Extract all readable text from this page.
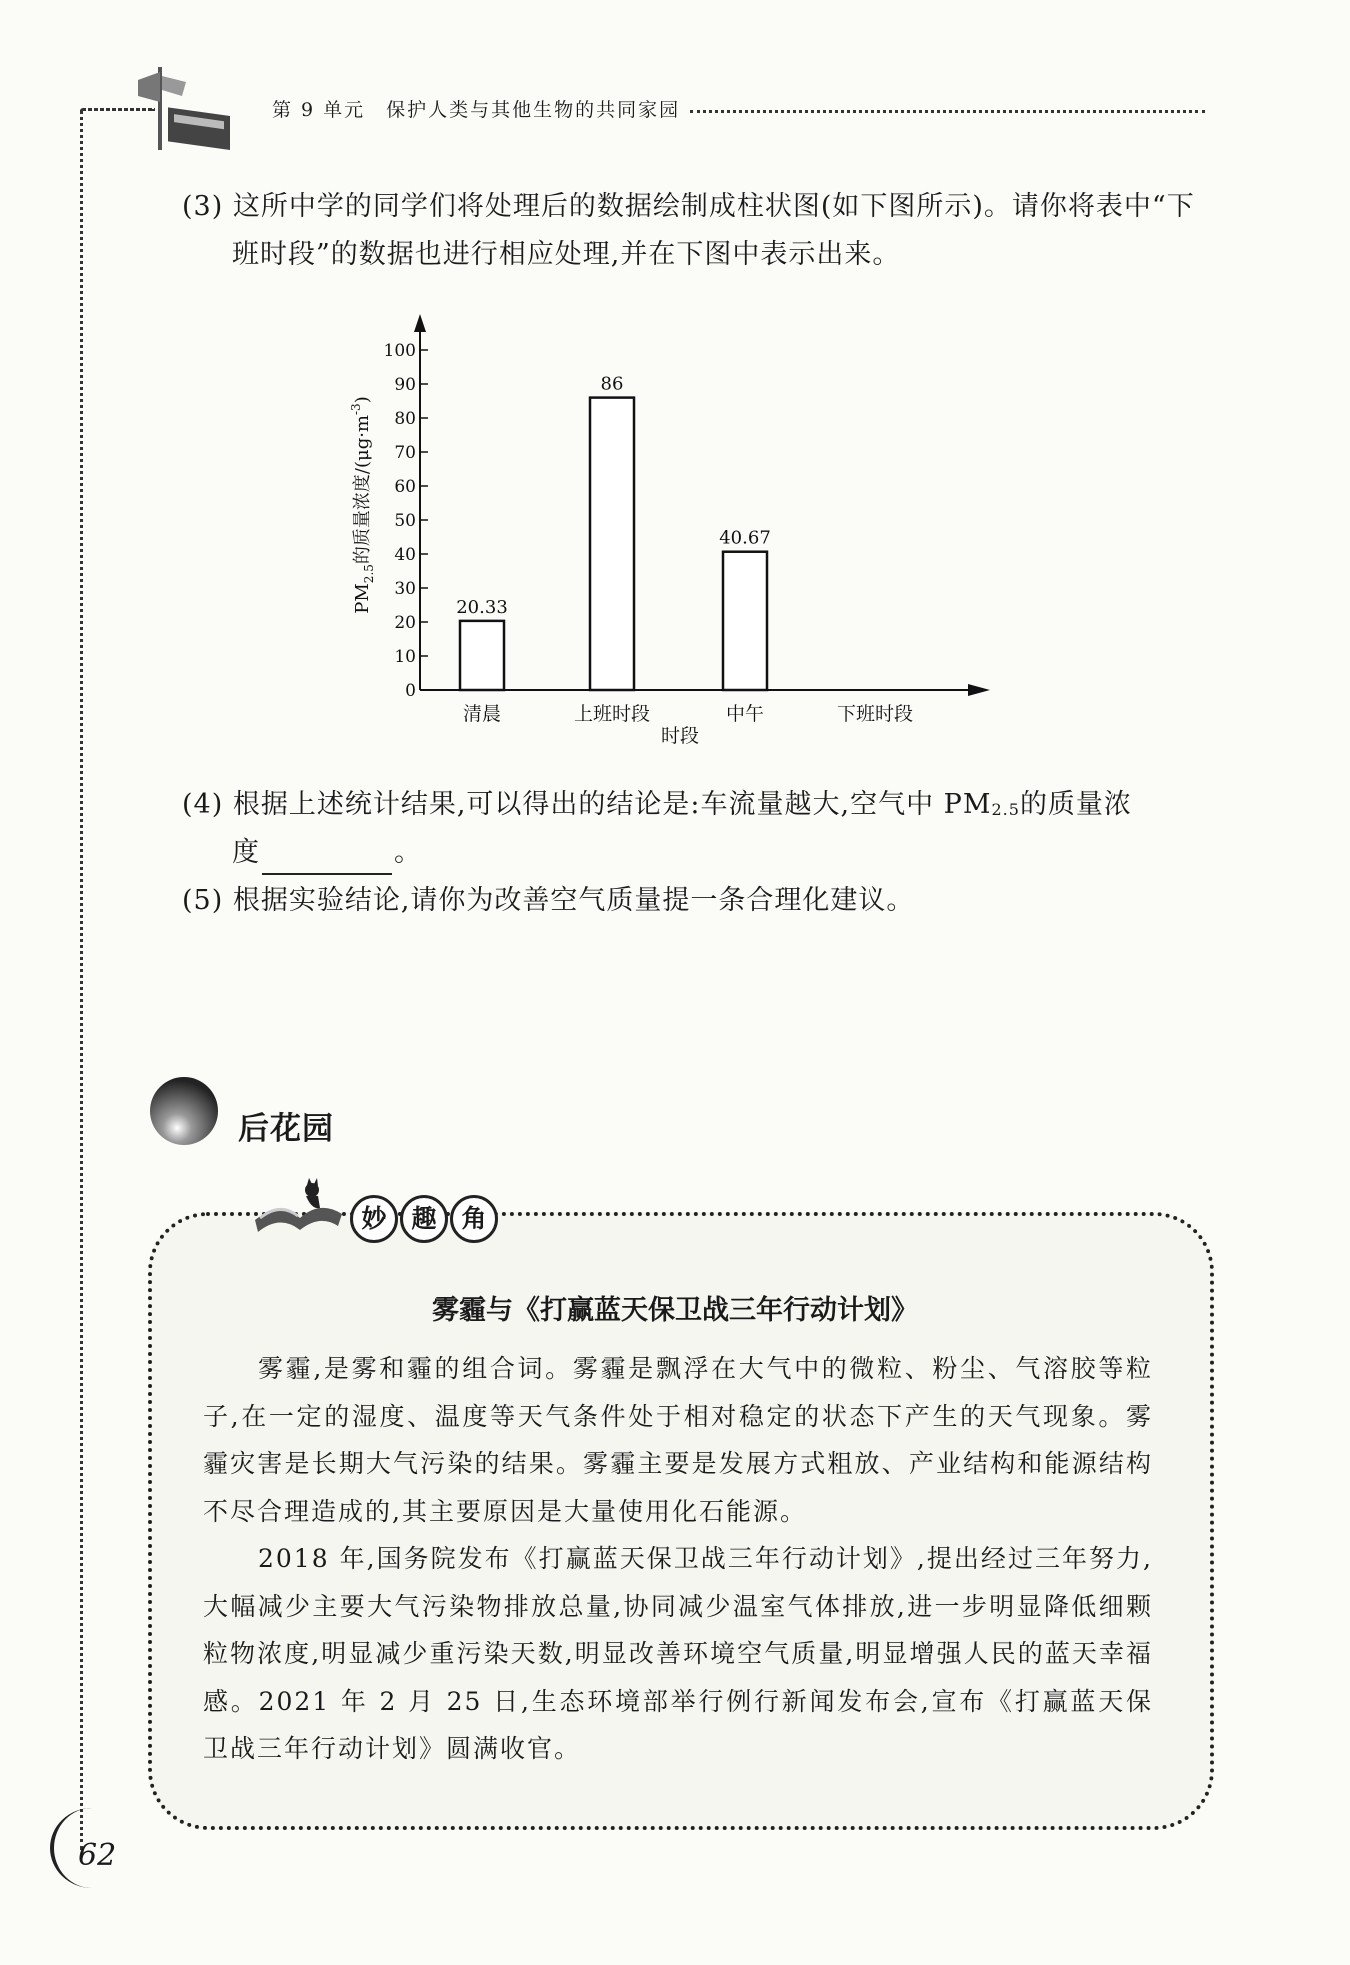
第 9 单元　保护人类与其他生物的共同家园
(3) 这所中学的同学们将处理后的数据绘制成柱状图(如下图所示)。请你将表中“下
班时段”的数据也进行相应处理,并在下图中表示出来。
$PM_{2.5}$的质量浓度$/(\mu g\cdot m^{-3})$
20.33
86
40.67
0
10
20
30
40
50
60
70
80
90
100
清晨	上班时段	中午	下班时段
时段
(4) 根据上述统计结果,可以得出的结论是:车流量越大,空气中 $PM_{2.5}$的质量浓
度	。
(5) 根据实验结论,请你为改善空气质量提一条合理化建议。
后花园
妙 趣 角
雾霾与《打赢蓝天保卫战三年行动计划》
雾霾,是雾和霾的组合词。雾霾是飘浮在大气中的微粒、粉尘、气溶胶等粒子,在一定的湿度、温度等天气条件处于相对稳定的状态下产生的天气现象。雾霾灾害是长期大气污染的结果。雾霾主要是发展方式粗放、产业结构和能源结构不尽合理造成的,其主要原因是大量使用化石能源。
2018 年,国务院发布《打赢蓝天保卫战三年行动计划》,提出经过三年努力,大幅减少主要大气污染物排放总量,协同减少温室气体排放,进一步明显降低细颗粒物浓度,明显减少重污染天数,明显改善环境空气质量,明显增强人民的蓝天幸福感。2021 年 2 月 25 日,生态环境部举行例行新闻发布会,宣布《打赢蓝天保卫战三年行动计划》圆满收官。
62
